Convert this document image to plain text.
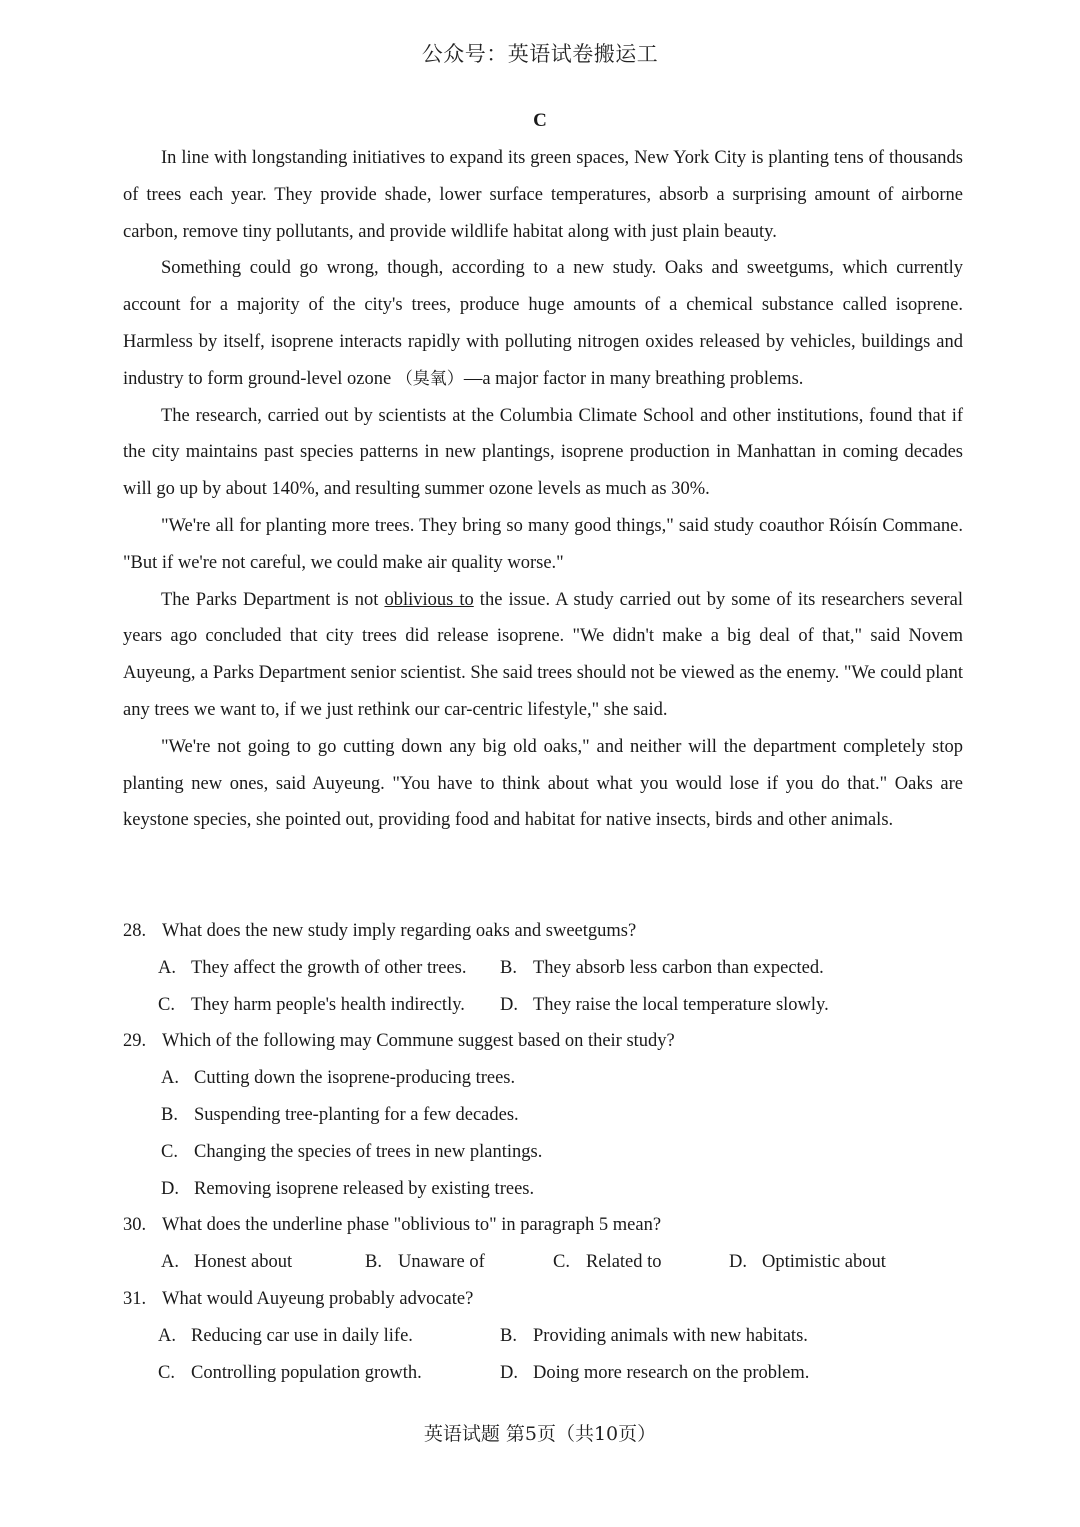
公众号：英语试卷搬运工
C

In line with longstanding initiatives to expand its green spaces, New York City is planting tens of thousands of trees each year. They provide shade, lower surface temperatures, absorb a surprising amount of airborne carbon, remove tiny pollutants, and provide wildlife habitat along with just plain beauty.

Something could go wrong, though, according to a new study. Oaks and sweetgums, which currently account for a majority of the city's trees, produce huge amounts of a chemical substance called isoprene. Harmless by itself, isoprene interacts rapidly with polluting nitrogen oxides released by vehicles, buildings and industry to form ground-level ozone （臭氧）—a major factor in many breathing problems.

The research, carried out by scientists at the Columbia Climate School and other institutions, found that if the city maintains past species patterns in new plantings, isoprene production in Manhattan in coming decades will go up by about 140%, and resulting summer ozone levels as much as 30%.

"We're all for planting more trees. They bring so many good things," said study coauthor Róisín Commane. "But if we're not careful, we could make air quality worse."

The Parks Department is not oblivious to the issue. A study carried out by some of its researchers several years ago concluded that city trees did release isoprene. "We didn't make a big deal of that," said Novem Auyeung, a Parks Department senior scientist. She said trees should not be viewed as the enemy. "We could plant any trees we want to, if we just rethink our car-centric lifestyle," she said.

"We're not going to go cutting down any big old oaks," and neither will the department completely stop planting new ones, said Auyeung. "You have to think about what you would lose if you do that." Oaks are keystone species, she pointed out, providing food and habitat for native insects, birds and other animals.

28. What does the new study imply regarding oaks and sweetgums?
A. They affect the growth of other trees. B. They absorb less carbon than expected.
C. They harm people's health indirectly. D. They raise the local temperature slowly.
29. Which of the following may Commune suggest based on their study?
A. Cutting down the isoprene-producing trees.
B. Suspending tree-planting for a few decades.
C. Changing the species of trees in new plantings.
D. Removing isoprene released by existing trees.
30. What does the underline phase "oblivious to" in paragraph 5 mean?
A. Honest about	B. Unaware of	C. Related to	D. Optimistic about
31. What would Auyeung probably advocate?
A. Reducing car use in daily life.	B. Providing animals with new habitats.
C. Controlling population growth.	D. Doing more research on the problem.
英语试题 第5页（共10页）
